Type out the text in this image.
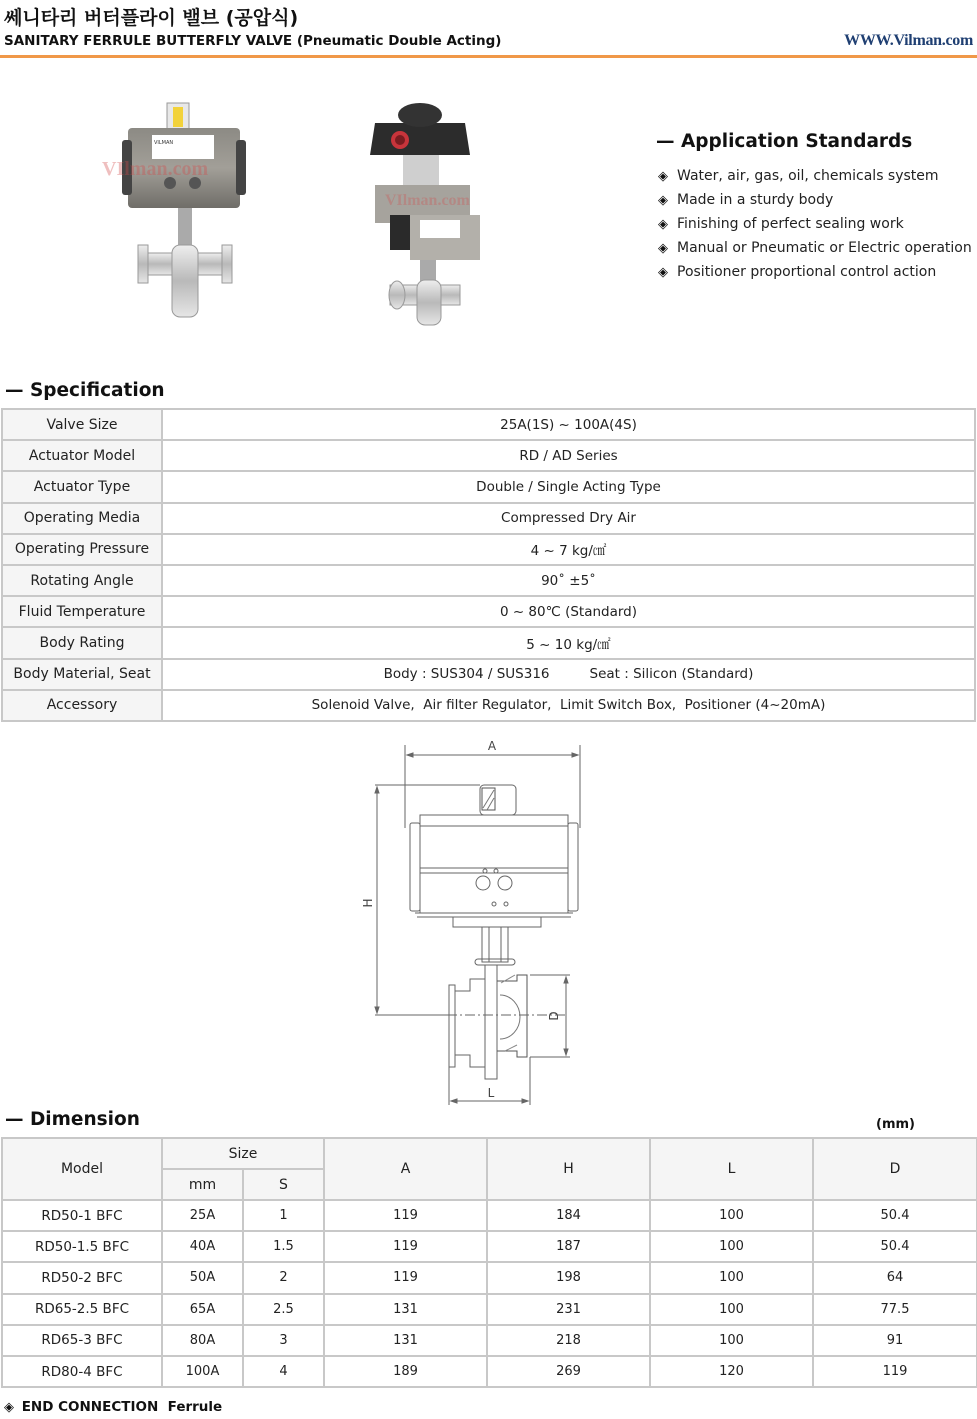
쎄니타리 버터플라이 밸브 (공압식)
SANITARY FERRULE BUTTERFLY VALVE (Pneumatic Double Acting)	WWW.Vilman.com
VILMAN
VIlman.com
VIlman.com
— Application Standards
◈ Water, air, gas, oil, chemicals system
◈ Made in a sturdy body
◈ Finishing of perfect sealing work
◈ Manual or Pneumatic or Electric operation
◈ Positioner proportional control action
— Specification
Valve Size	25A(1S) ~ 100A(4S)
Actuator Model	RD / AD Series
Actuator Type	Double / Single Acting Type
Operating Media	Compressed Dry Air
Operating Pressure	4 ~ 7 kg/㎠
Rotating Angle	90˚ ±5˚
Fluid Temperature	0 ~ 80℃ (Standard)
Body Rating	5 ~ 10 kg/㎠
Body Material, Seat	Body : SUS304 / SUS316 Seat : Silicon (Standard)
Accessory	Solenoid Valve,  Air filter Regulator,  Limit Switch Box,  Positioner (4~20mA)
A
H
D
L
— Dimension	(mm)
Model	Size		A	H	L	D
	mm	S				
RD50-1 BFC	25A	1	119	184	100	50.4
RD50-1.5 BFC	40A	1.5	119	187	100	50.4
RD50-2 BFC	50A	2	119	198	100	64
RD65-2.5 BFC	65A	2.5	131	231	100	77.5
RD65-3 BFC	80A	3	131	218	100	91
RD80-4 BFC	100A	4	189	269	120	119
◈ END CONNECTION Ferrule
